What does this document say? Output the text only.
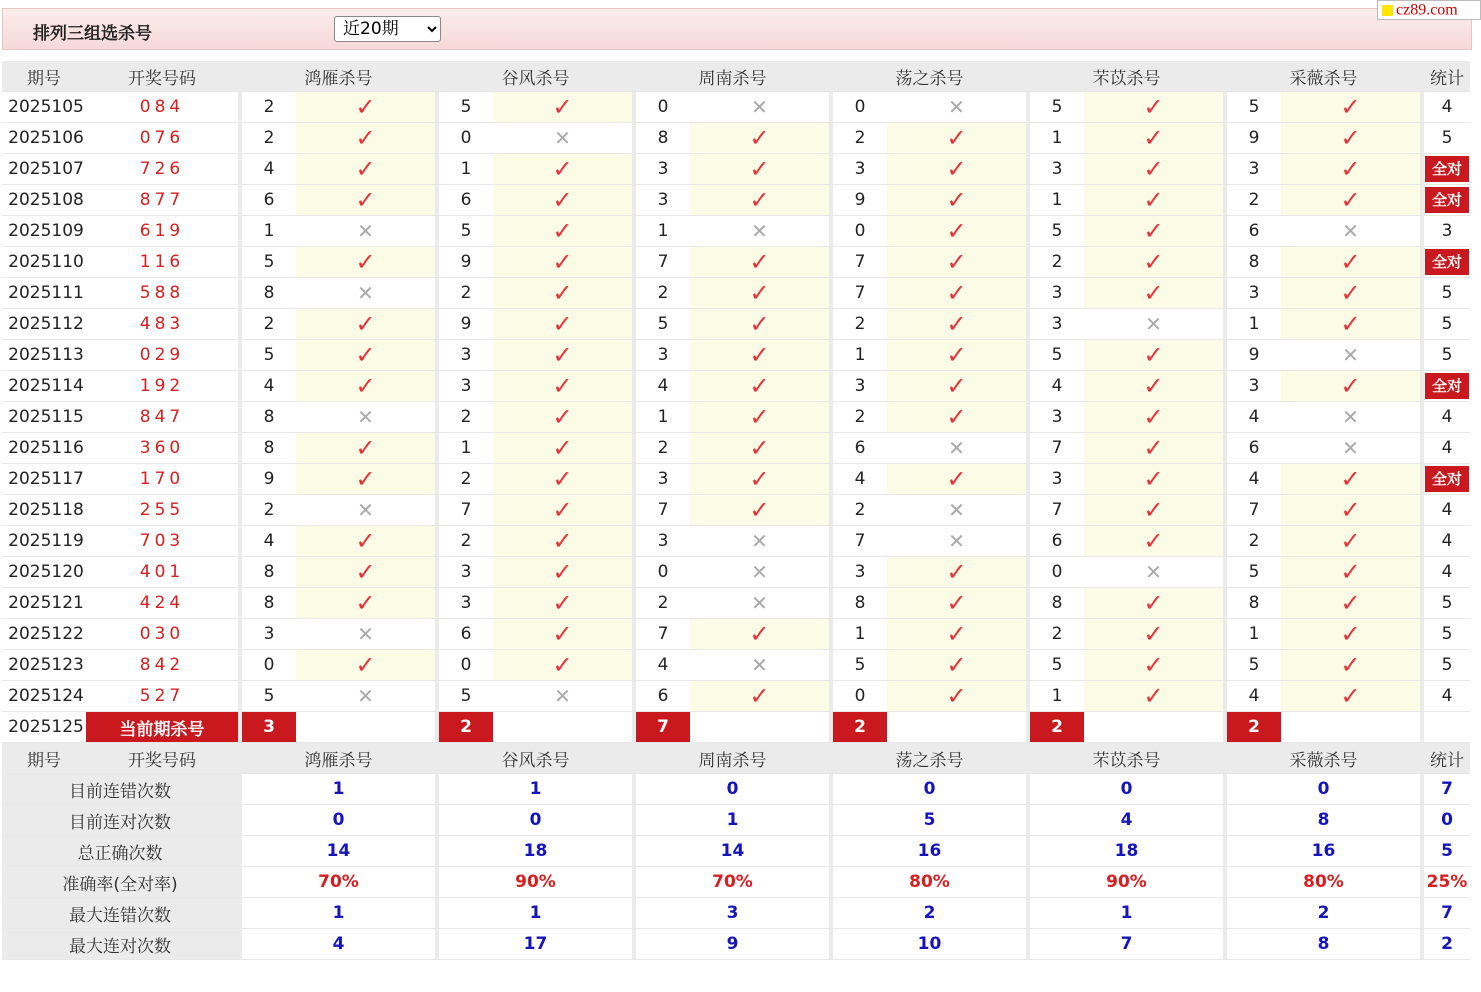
排列三组选杀号
近20期
cz89.com
期号	开奖号码		鸿雁杀号			谷风杀号			周南杀号			荡之杀号			芣苡杀号			采薇杀号			统计
2025105	084		2	✓		5	✓		0	✕		0	✕		5	✓		5	✓		4
2025106	076		2	✓		0	✕		8	✓		2	✓		1	✓		9	✓		5
2025107	726		4	✓		1	✓		3	✓		3	✓		3	✓		3	✓		全对
2025108	877		6	✓		6	✓		3	✓		9	✓		1	✓		2	✓		全对
2025109	619		1	✕		5	✓		1	✕		0	✓		5	✓		6	✕		3
2025110	116		5	✓		9	✓		7	✓		7	✓		2	✓		8	✓		全对
2025111	588		8	✕		2	✓		2	✓		7	✓		3	✓		3	✓		5
2025112	483		2	✓		9	✓		5	✓		2	✓		3	✕		1	✓		5
2025113	029		5	✓		3	✓		3	✓		1	✓		5	✓		9	✕		5
2025114	192		4	✓		3	✓		4	✓		3	✓		4	✓		3	✓		全对
2025115	847		8	✕		2	✓		1	✓		2	✓		3	✓		4	✕		4
2025116	360		8	✓		1	✓		2	✓		6	✕		7	✓		6	✕		4
2025117	170		9	✓		2	✓		3	✓		4	✓		3	✓		4	✓		全对
2025118	255		2	✕		7	✓		7	✓		2	✕		7	✓		7	✓		4
2025119	703		4	✓		2	✓		3	✕		7	✕		6	✓		2	✓		4
2025120	401		8	✓		3	✓		0	✕		3	✓		0	✕		5	✓		4
2025121	424		8	✓		3	✓		2	✕		8	✓		8	✓		8	✓		5
2025122	030		3	✕		6	✓		7	✓		1	✓		2	✓		1	✓		5
2025123	842		0	✓		0	✓		4	✕		5	✓		5	✓		5	✓		5
2025124	527		5	✕		5	✕		6	✓		0	✓		1	✓		4	✓		4
2025125	当前期杀号		3			2			7			2			2			2			
期号	开奖号码		鸿雁杀号			谷风杀号			周南杀号			荡之杀号			芣苡杀号			采薇杀号			统计
目前连错次数			1			1			0			0			0			0			7
目前连对次数			0			0			1			5			4			8			0
总正确次数			14			18			14			16			18			16			5
准确率(全对率)			70%			90%			70%			80%			90%			80%			25%
最大连错次数			1			1			3			2			1			2			7
最大连对次数			4			17			9			10			7			8			2
